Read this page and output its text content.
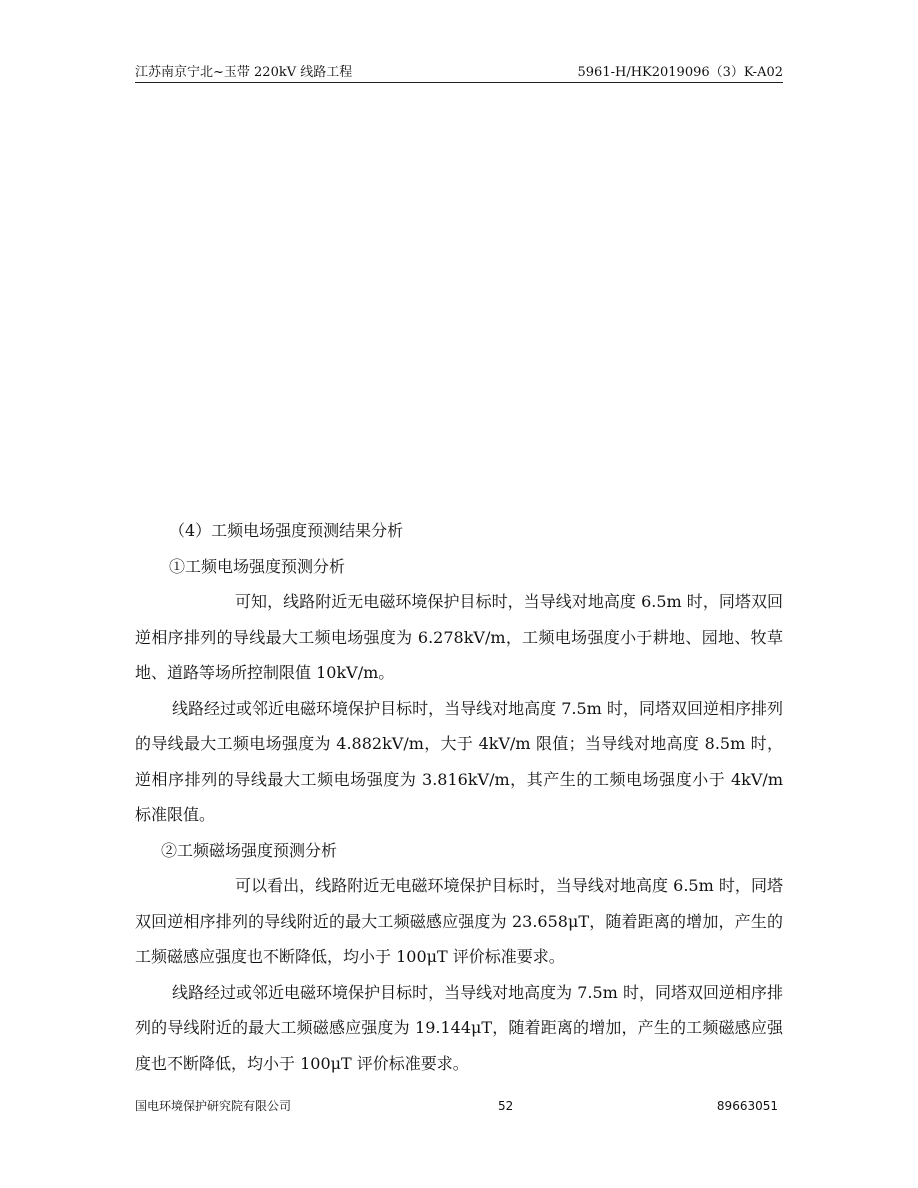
江苏南京宁北~玉带 220kV 线路工程	5961-H/HK2019096（3）K-A02

（4）工频电场强度预测结果分析

①工频电场强度预测分析

可知，线路附近无电磁环境保护目标时，当导线对地高度 6.5m 时，同塔双回逆相序排列的导线最大工频电场强度为 6.278kV/m，工频电场强度小于耕地、园地、牧草地、道路等场所控制限值 10kV/m。

线路经过或邻近电磁环境保护目标时，当导线对地高度 7.5m 时，同塔双回逆相序排列的导线最大工频电场强度为 4.882kV/m，大于 4kV/m 限值；当导线对地高度 8.5m 时，逆相序排列的导线最大工频电场强度为 3.816kV/m，其产生的工频电场强度小于 4kV/m 标准限值。

②工频磁场强度预测分析

可以看出，线路附近无电磁环境保护目标时，当导线对地高度 6.5m 时，同塔双回逆相序排列的导线附近的最大工频磁感应强度为 23.658μT，随着距离的增加，产生的工频磁感应强度也不断降低，均小于 100μT 评价标准要求。

线路经过或邻近电磁环境保护目标时，当导线对地高度为 7.5m 时，同塔双回逆相序排列的导线附近的最大工频磁感应强度为 19.144μT，随着距离的增加，产生的工频磁感应强度也不断降低，均小于 100μT 评价标准要求。

国电环境保护研究院有限公司	52	89663051
